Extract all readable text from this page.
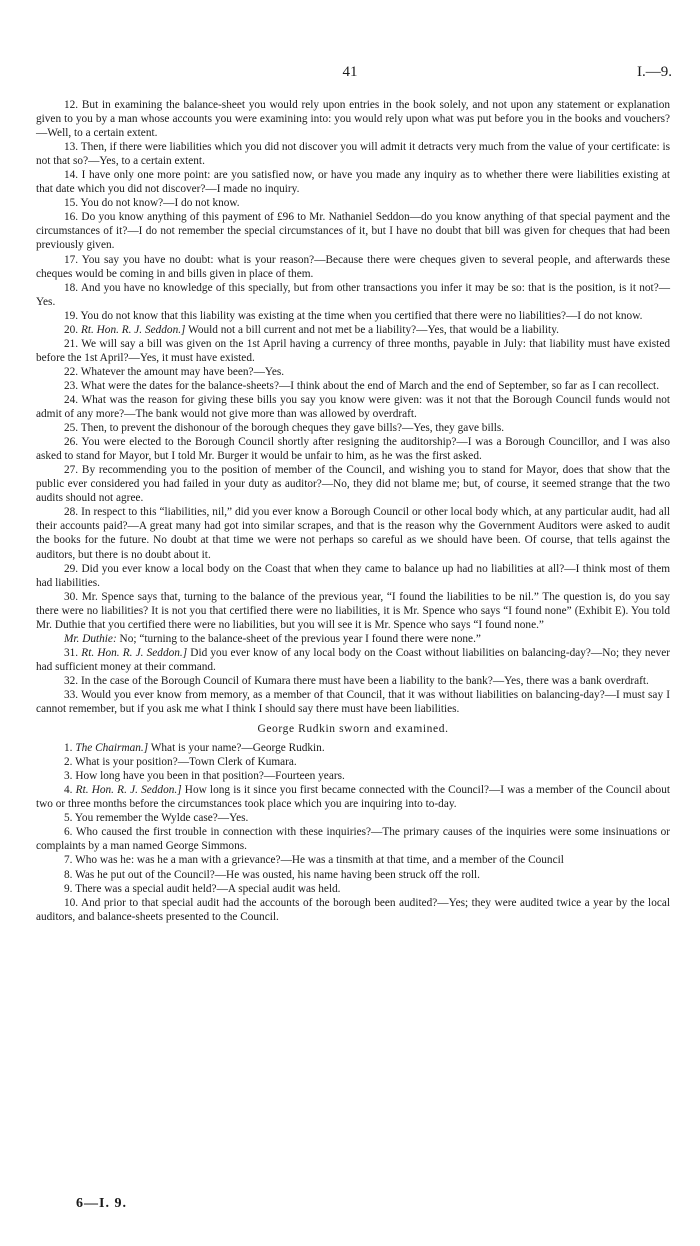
41	I.—9.

12. But in examining the balance-sheet you would rely upon entries in the book solely, and not upon any statement or explanation given to you by a man whose accounts you were examining into: you would rely upon what was put before you in the books and vouchers?—Well, to a certain extent.

13. Then, if there were liabilities which you did not discover you will admit it detracts very much from the value of your certificate: is not that so?—Yes, to a certain extent.

14. I have only one more point: are you satisfied now, or have you made any inquiry as to whether there were liabilities existing at that date which you did not discover?—I made no inquiry.

15. You do not know?—I do not know.

16. Do you know anything of this payment of £96 to Mr. Nathaniel Seddon—do you know anything of that special payment and the circumstances of it?—I do not remember the special circumstances of it, but I have no doubt that bill was given for cheques that had been previously given.

17. You say you have no doubt: what is your reason?—Because there were cheques given to several people, and afterwards these cheques would be coming in and bills given in place of them.

18. And you have no knowledge of this specially, but from other transactions you infer it may be so: that is the position, is it not?—Yes.

19. You do not know that this liability was existing at the time when you certified that there were no liabilities?—I do not know.

20. Rt. Hon. R. J. Seddon.] Would not a bill current and not met be a liability?—Yes, that would be a liability.

21. We will say a bill was given on the 1st April having a currency of three months, payable in July: that liability must have existed before the 1st April?—Yes, it must have existed.

22. Whatever the amount may have been?—Yes.

23. What were the dates for the balance-sheets?—I think about the end of March and the end of September, so far as I can recollect.

24. What was the reason for giving these bills you say you know were given: was it not that the Borough Council funds would not admit of any more?—The bank would not give more than was allowed by overdraft.

25. Then, to prevent the dishonour of the borough cheques they gave bills?—Yes, they gave bills.

26. You were elected to the Borough Council shortly after resigning the auditorship?—I was a Borough Councillor, and I was also asked to stand for Mayor, but I told Mr. Burger it would be unfair to him, as he was the first asked.

27. By recommending you to the position of member of the Council, and wishing you to stand for Mayor, does that show that the public ever considered you had failed in your duty as auditor?—No, they did not blame me; but, of course, it seemed strange that the two audits should not agree.

28. In respect to this “liabilities, nil,” did you ever know a Borough Council or other local body which, at any particular audit, had all their accounts paid?—A great many had got into similar scrapes, and that is the reason why the Government Auditors were asked to audit the books for the future. No doubt at that time we were not perhaps so careful as we should have been. Of course, that tells against the auditors, but there is no doubt about it.

29. Did you ever know a local body on the Coast that when they came to balance up had no liabilities at all?—I think most of them had liabilities.

30. Mr. Spence says that, turning to the balance of the previous year, “I found the liabilities to be nil.” The question is, do you say there were no liabilities? It is not you that certified there were no liabilities, it is Mr. Spence who says “I found none” (Exhibit E). You told Mr. Duthie that you certified there were no liabilities, but you will see it is Mr. Spence who says “I found none.”

Mr. Duthie: No; “turning to the balance-sheet of the previous year I found there were none.”

31. Rt. Hon. R. J. Seddon.] Did you ever know of any local body on the Coast without liabilities on balancing-day?—No; they never had sufficient money at their command.

32. In the case of the Borough Council of Kumara there must have been a liability to the bank?—Yes, there was a bank overdraft.

33. Would you ever know from memory, as a member of that Council, that it was without liabilities on balancing-day?—I must say I cannot remember, but if you ask me what I think I should say there must have been liabilities.

George Rudkin sworn and examined.

1. The Chairman.] What is your name?—George Rudkin.

2. What is your position?—Town Clerk of Kumara.

3. How long have you been in that position?—Fourteen years.

4. Rt. Hon. R. J. Seddon.] How long is it since you first became connected with the Council?—I was a member of the Council about two or three months before the circumstances took place which you are inquiring into to-day.

5. You remember the Wylde case?—Yes.

6. Who caused the first trouble in connection with these inquiries?—The primary causes of the inquiries were some insinuations or complaints by a man named George Simmons.

7. Who was he: was he a man with a grievance?—He was a tinsmith at that time, and a member of the Council

8. Was he put out of the Council?—He was ousted, his name having been struck off the roll.

9. There was a special audit held?—A special audit was held.

10. And prior to that special audit had the accounts of the borough been audited?—Yes; they were audited twice a year by the local auditors, and balance-sheets presented to the Council.

6—I. 9.
